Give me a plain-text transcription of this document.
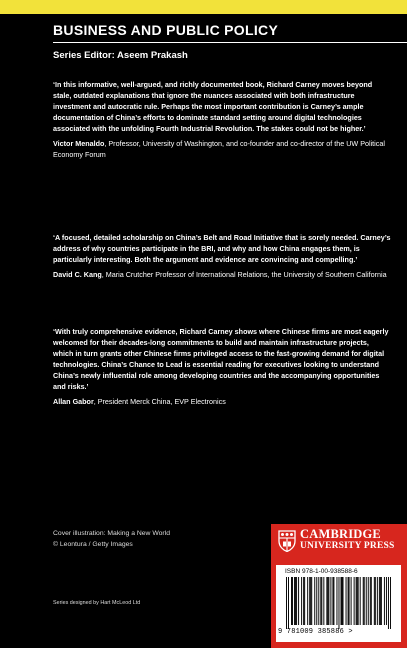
BUSINESS AND PUBLIC POLICY
Series Editor: Aseem Prakash

‘In this informative, well-argued, and richly documented book, Richard Carney moves beyond stale, outdated explanations that ignore the nuances associated with both infrastructure investment and autocratic rule. Perhaps the most important contribution is Carney’s ample documentation of China’s efforts to dominate standard setting around digital technologies associated with the unfolding Fourth Industrial Revolution. The stakes could not be higher.’

Victor Menaldo, Professor, University of Washington, and co-founder and co-director of the UW Political Economy Forum

‘A focused, detailed scholarship on China’s Belt and Road Initiative that is sorely needed. Carney’s address of why countries participate in the BRI, and why and how China engages them, is particularly interesting. Both the argument and evidence are convincing and compelling.’

David C. Kang, Maria Crutcher Professor of International Relations, the University of Southern California

‘With truly comprehensive evidence, Richard Carney shows where Chinese firms are most eagerly welcomed for their decades-long commitments to build and maintain infrastructure projects, which in turn grants other Chinese firms privileged access to the fast-growing demand for digital technologies. China’s Chance to Lead is essential reading for executives looking to understand China’s newly influential role among developing countries and the accompanying opportunities and risks.’

Allan Gabor, President Merck China, EVP Electronics

Cover illustration: Making a New World
© Leontura / Getty Images
Series designed by Hart McLeod Ltd
CAMBRIDGE
UNIVERSITY PRESS
ISBN 978-1-00-938588-6
9 781009 385886 >
